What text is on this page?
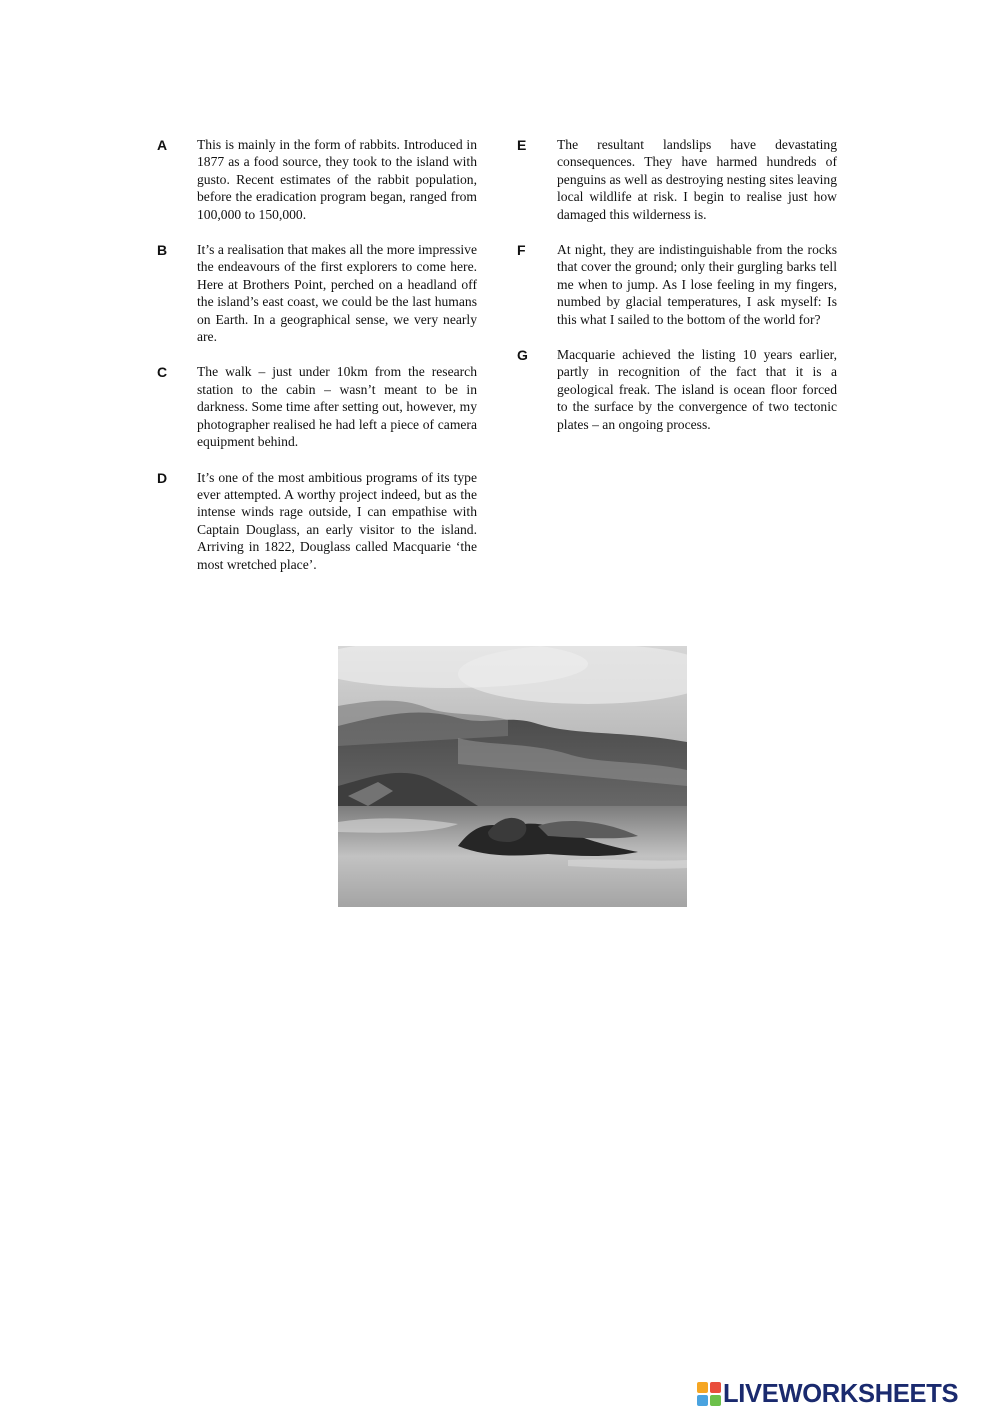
A	This is mainly in the form of rabbits. Introduced in 1877 as a food source, they took to the island with gusto. Recent estimates of the rabbit population, before the eradication program began, ranged from 100,000 to 150,000.
B	It’s a realisation that makes all the more impressive the endeavours of the first explorers to come here. Here at Brothers Point, perched on a headland off the island’s east coast, we could be the last humans on Earth. In a geographical sense, we very nearly are.
C	The walk – just under 10km from the research station to the cabin – wasn’t meant to be in darkness. Some time after setting out, however, my photographer realised he had left a piece of camera equipment behind.
D	It’s one of the most ambitious programs of its type ever attempted. A worthy project indeed, but as the intense winds rage outside, I can empathise with Captain Douglass, an early visitor to the island. Arriving in 1822, Douglass called Macquarie ‘the most wretched place’.
E	The resultant landslips have devastating consequences. They have harmed hundreds of penguins as well as destroying nesting sites leaving local wildlife at risk. I begin to realise just how damaged this wilderness is.
F	At night, they are indistinguishable from the rocks that cover the ground; only their gurgling barks tell me when to jump. As I lose feeling in my fingers, numbed by glacial temperatures, I ask myself: Is this what I sailed to the bottom of the world for?
G	Macquarie achieved the listing 10 years earlier, partly in recognition of the fact that it is a geological freak. The island is ocean floor forced to the surface by the convergence of two tectonic plates – an ongoing process.
LIVEWORKSHEETS
